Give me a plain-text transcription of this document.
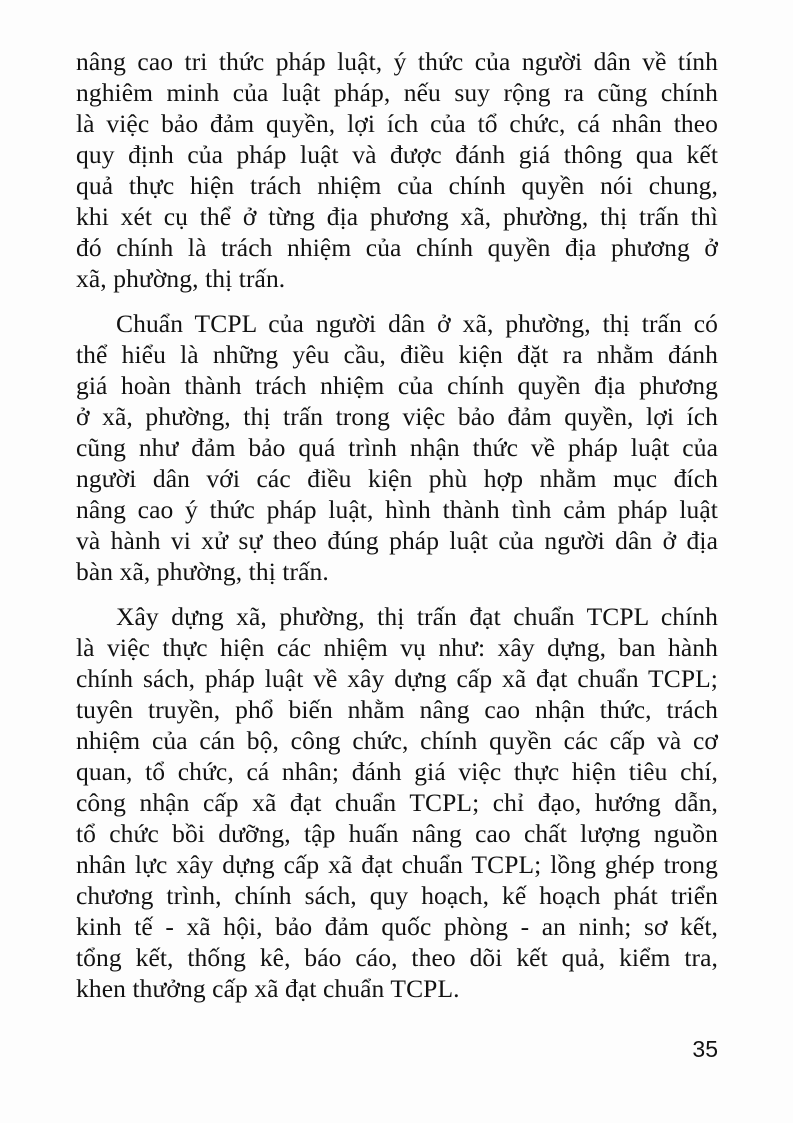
nâng cao tri thức pháp luật, ý thức của người dân về tính
nghiêm minh của luật pháp, nếu suy rộng ra cũng chính
là việc bảo đảm quyền, lợi ích của tổ chức, cá nhân theo
quy định của pháp luật và được đánh giá thông qua kết
quả thực hiện trách nhiệm của chính quyền nói chung,
khi xét cụ thể ở từng địa phương xã, phường, thị trấn thì
đó chính là trách nhiệm của chính quyền địa phương ở
xã, phường, thị trấn.
Chuẩn TCPL của người dân ở xã, phường, thị trấn có
thể hiểu là những yêu cầu, điều kiện đặt ra nhằm đánh
giá hoàn thành trách nhiệm của chính quyền địa phương
ở xã, phường, thị trấn trong việc bảo đảm quyền, lợi ích
cũng như đảm bảo quá trình nhận thức về pháp luật của
người dân với các điều kiện phù hợp nhằm mục đích
nâng cao ý thức pháp luật, hình thành tình cảm pháp luật
và hành vi xử sự theo đúng pháp luật của người dân ở địa
bàn xã, phường, thị trấn.
Xây dựng xã, phường, thị trấn đạt chuẩn TCPL chính
là việc thực hiện các nhiệm vụ như: xây dựng, ban hành
chính sách, pháp luật về xây dựng cấp xã đạt chuẩn TCPL;
tuyên truyền, phổ biến nhằm nâng cao nhận thức, trách
nhiệm của cán bộ, công chức, chính quyền các cấp và cơ
quan, tổ chức, cá nhân; đánh giá việc thực hiện tiêu chí,
công nhận cấp xã đạt chuẩn TCPL; chỉ đạo, hướng dẫn,
tổ chức bồi dưỡng, tập huấn nâng cao chất lượng nguồn
nhân lực xây dựng cấp xã đạt chuẩn TCPL; lồng ghép trong
chương trình, chính sách, quy hoạch, kế hoạch phát triển
kinh tế - xã hội, bảo đảm quốc phòng - an ninh; sơ kết,
tổng kết, thống kê, báo cáo, theo dõi kết quả, kiểm tra,
khen thưởng cấp xã đạt chuẩn TCPL.
35
